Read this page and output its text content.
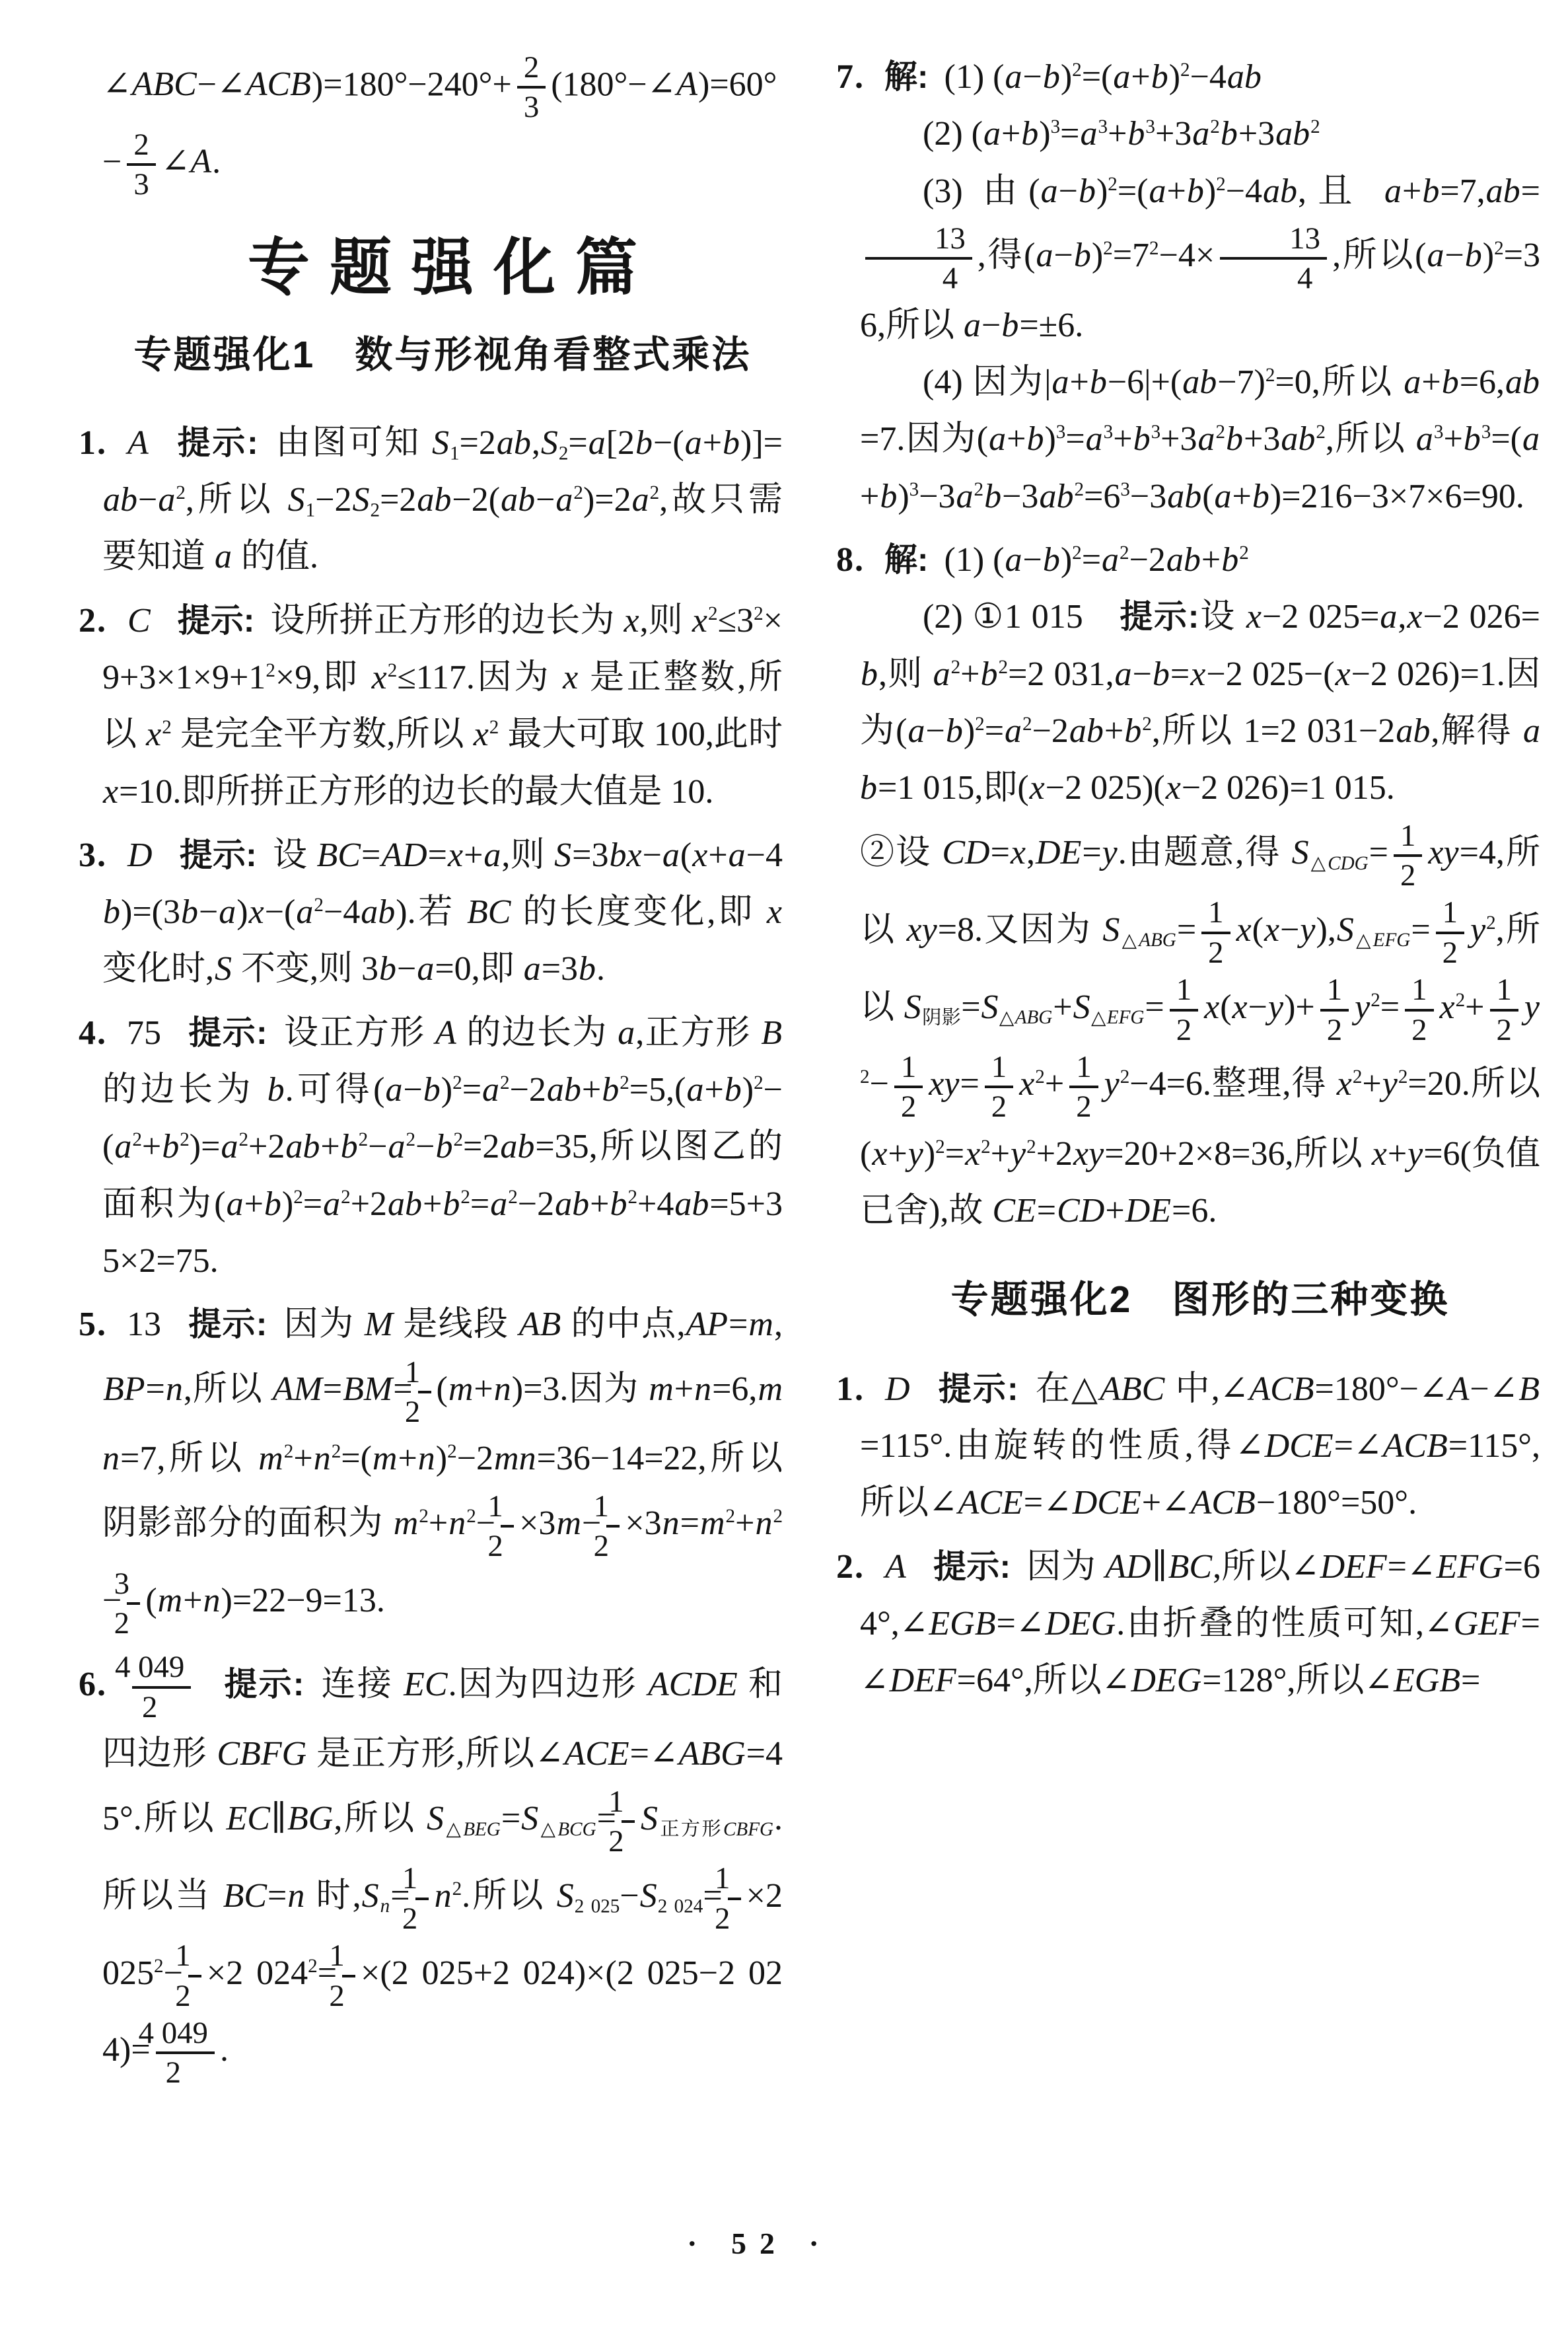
∠ABC−∠ACB)=180°−240°+ $\frac{2}{3}$ (180°−∠A)=60°− $\frac{2}{3}$ ∠A.
专题强化篇
专题强化1　数与形视角看整式乘法
1. A 提示: 由图可知 $S_1=2ab,S_2=a[2b-(a+b)]=ab-a^2$,所以 $S_1-2S_2=2ab-2(ab-a^2)=2a^2$,故只需要知道 a 的值.
2. C 提示: 设所拼正方形的边长为 x,则 $x^2\le 3^2\times 9+3\times 1\times 9+1^2\times 9$,即 $x^2\le 117$.因为 x 是正整数,所以 $x^2$ 是完全平方数,所以 $x^2$ 最大可取 100,此时 x=10.即所拼正方形的边长的最大值是 10.
3. D 提示: 设 BC=AD=x+a,则 $S=3bx-a(x+a-4b)=(3b-a)x-(a^2-4ab)$.若 BC 的长度变化,即 x 变化时,S 不变,则 3b−a=0,即 a=3b.
4. 75 提示: 设正方形 A 的边长为 a,正方形 B 的边长为 b.可得$(a-b)^2=a^2-2ab+b^2=5,(a+b)^2-(a^2+b^2)=a^2+2ab+b^2-a^2-b^2=2ab=35$,所以图乙的面积为$(a+b)^2=a^2+2ab+b^2=a^2-2ab+b^2+4ab=5+35\times 2=75$.
5. 13 提示: 因为 M 是线段 AB 的中点,AP=m,BP=n,所以 $AM=BM= \frac{1}{2} (m+n)=3$.因为 m+n=6,mn=7,所以 $m^2+n^2=(m+n)^2-2mn=36-14=22$,所以阴影部分的面积为 $m^2+n^2- \frac{1}{2} \times 3m- \frac{1}{2} \times 3n=m^2+n^2- \frac{3}{2} (m+n)=22-9=13$.
6. $\frac{4 049}{2}$ 提示: 连接 EC.因为四边形 ACDE 和四边形 CBFG 是正方形,所以∠ACE=∠ABG=45°.所以 EC∥BG,所以 $S_{\triangle BEG}=S_{\triangle BCG}= \frac{1}{2} S_{正方形CBFG}$.所以当 BC=n 时$,S_n= \frac{1}{2} n^2$.所以 $S_{2 025}-S_{2 024}= \frac{1}{2} \times 2$ $025^2- \frac{1}{2} \times 2$ $024^2= \frac{1}{2} \times(2$ 025+2 024)×(2 025−2 $024)= \frac{4 049}{2}$ .
7. 解: (1) $(a-b)^2=(a+b)^2-4ab$
(2) $(a+b)^3=a^3+b^3+3a^2b+3ab^2$
(3) 由$(a-b)^2=(a+b)^2-4ab$,且 a+b=7,ab=
$\frac{13}{4}$ ,得$(a-b)^2=7^2-4\times \frac{13}{4}$ ,所以$(a-b)^2=36$,所以 a−b=±6.
(4) 因为$|a+b-6|+(ab-7)^2=0$,所以 a+b=6,ab=7.因为$(a+b)^3=a^3+b^3+3a^2b+3ab^2$,所以 $a^3+b^3=(a+b)^3-3a^2b-3ab^2=6^3-3ab(a+b)=216-3\times 7\times 6=90$.
8. 解: (1) $(a-b)^2=a^2-2ab+b^2$
(2) ①1 015　提示:设 x−2 025=a,x−2 026=b,则 $a^2+b^2=2$ 031,a−b=x−2 025−(x−2 026)=1.因为$(a-b)^2=a^2-2ab+b^2$,所以 1=2 031−2ab,解得 ab=1 015,即(x−2 025)(x−2 026)=1 015.
②设 CD=x,DE=y.由题意,得 $S_{\triangle CDG}= \frac{1}{2} xy=4$,所以 xy=8.又因为 $S_{\triangle ABG}= \frac{1}{2} x(x-y),S_{\triangle EFG}= \frac{1}{2} y^2$,所以 $S_{阴影}=S_{\triangle ABG}+S_{\triangle EFG}= \frac{1}{2} x(x-y)+ \frac{1}{2} y^2= \frac{1}{2} x^2+ \frac{1}{2} y^2- \frac{1}{2} xy= \frac{1}{2} x^2+ \frac{1}{2} y^2-4=6$.整理,得 $x^2+y^2=20$.所以$(x+y)^2=x^2+y^2+2xy=20+2\times 8=36$,所以 x+y=6(负值已舍),故 CE=CD+DE=6.
专题强化2　图形的三种变换
1. D 提示: 在△ABC 中,∠ACB=180°−∠A−∠B=115°.由旋转的性质,得∠DCE=∠ACB=115°,所以∠ACE=∠DCE+∠ACB−180°=50°.
2. A 提示: 因为 AD∥BC,所以∠DEF=∠EFG=64°,∠EGB=∠DEG.由折叠的性质可知,∠GEF=∠DEF=64°,所以∠DEG=128°,所以∠EGB=
· 52 ·
